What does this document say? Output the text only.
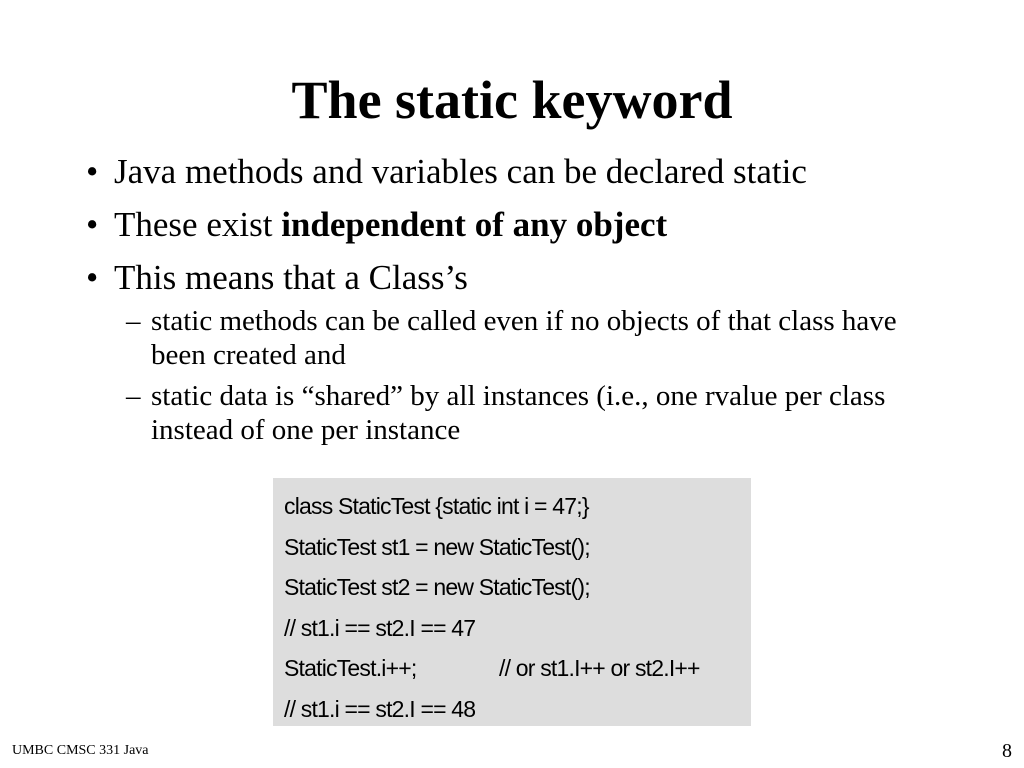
The static keyword
• Java methods and variables can be declared static
• These exist independent of any object
• This means that a Class’s
– static methods can be called even if no objects of that class have been created and
– static data is “shared” by all instances (i.e., one rvalue per class instead of one per instance
class StaticTest {static int i = 47;}
StaticTest st1 = new StaticTest();
StaticTest st2 = new StaticTest();
// st1.i == st2.I == 47
StaticTest.i++;	// or st1.I++ or st2.I++
// st1.i == st2.I == 48
UMBC CMSC 331 Java	8
